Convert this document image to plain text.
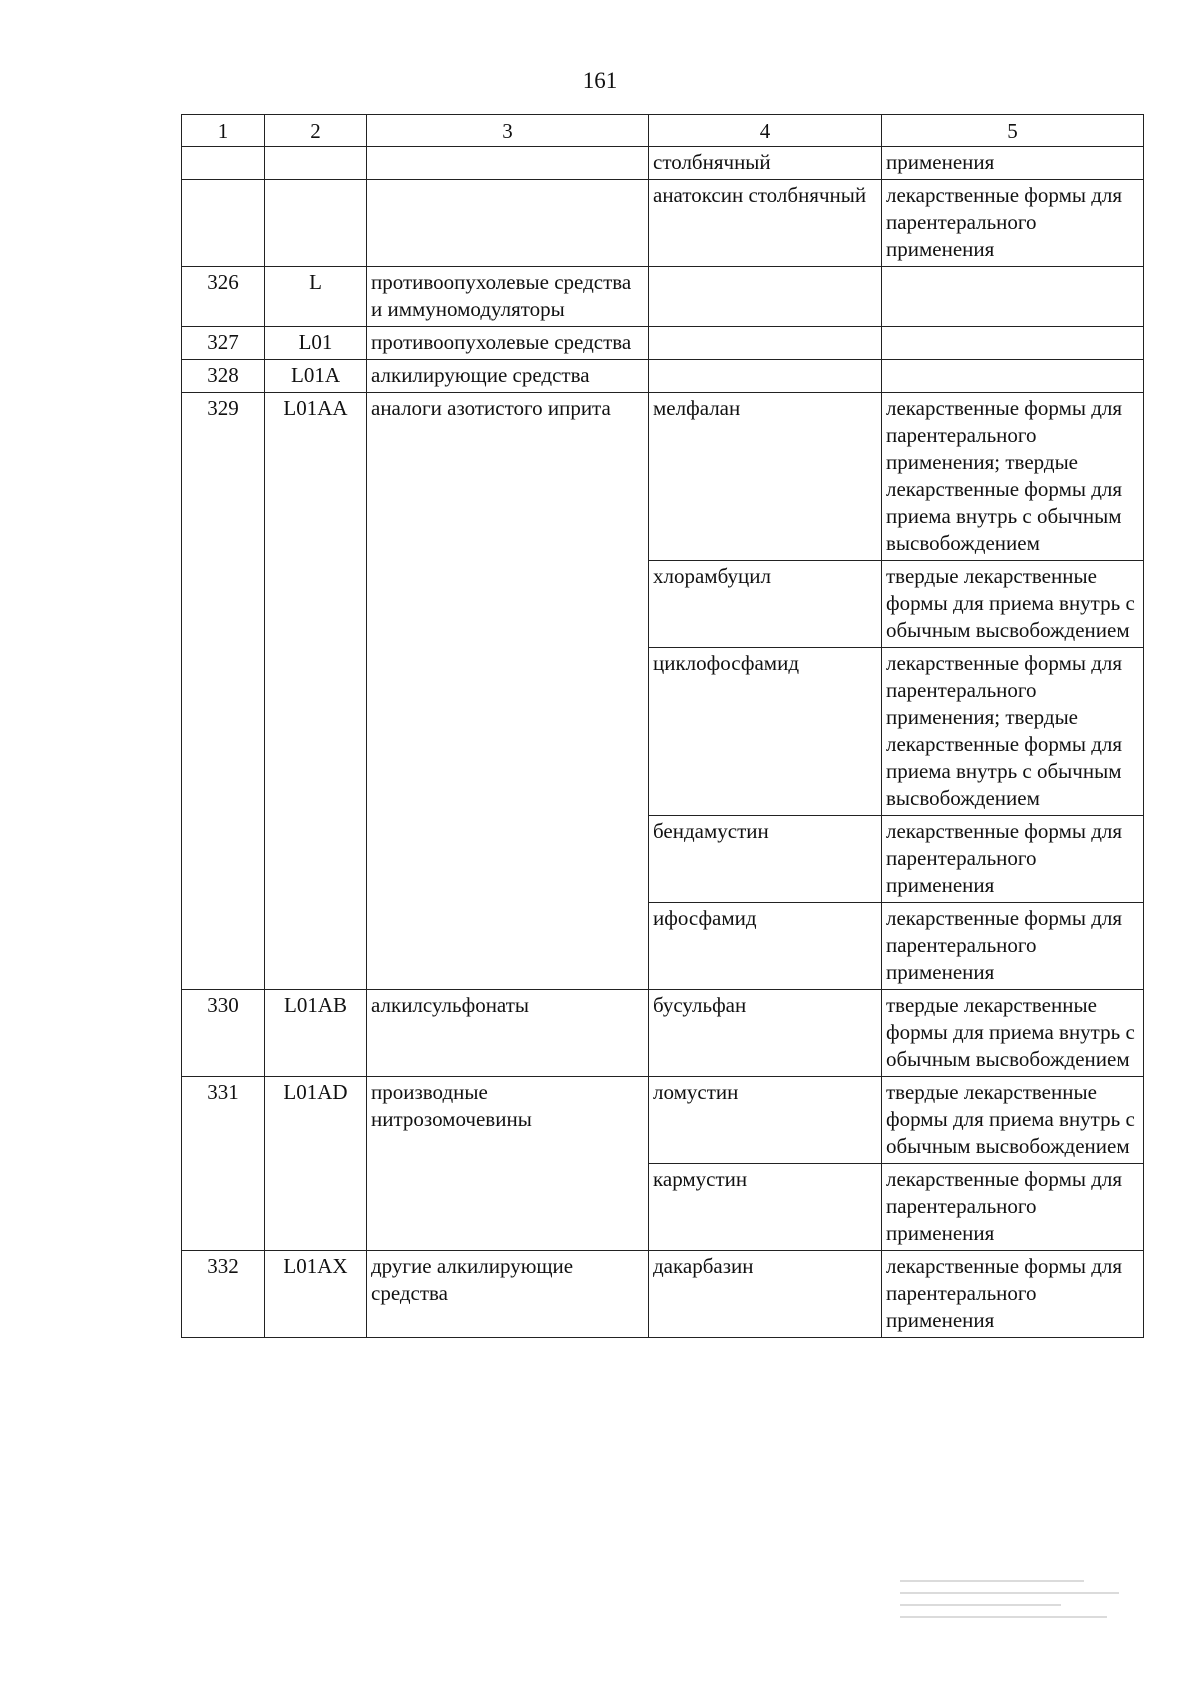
161
1	2	3	4	5
			столбнячный	применения
			анатоксин столбнячный	лекарственные формы для парентерального применения
326	L	противоопухолевые средства и иммуномодуляторы		
327	L01	противоопухолевые средства		
328	L01A	алкилирующие средства		
329	L01AA	аналоги азотистого иприта	мелфалан	лекарственные формы для парентерального применения; твердые лекарственные формы для приема внутрь с обычным высвобождением
			хлорамбуцил	твердые лекарственные формы для приема внутрь с обычным высвобождением
			циклофосфамид	лекарственные формы для парентерального применения; твердые лекарственные формы для приема внутрь с обычным высвобождением
			бендамустин	лекарственные формы для парентерального применения
			ифосфамид	лекарственные формы для парентерального применения
330	L01AB	алкилсульфонаты	бусульфан	твердые лекарственные формы для приема внутрь с обычным высвобождением
331	L01AD	производные нитрозомочевины	ломустин	твердые лекарственные формы для приема внутрь с обычным высвобождением
			кармустин	лекарственные формы для парентерального применения
332	L01AX	другие алкилирующие средства	дакарбазин	лекарственные формы для парентерального применения
